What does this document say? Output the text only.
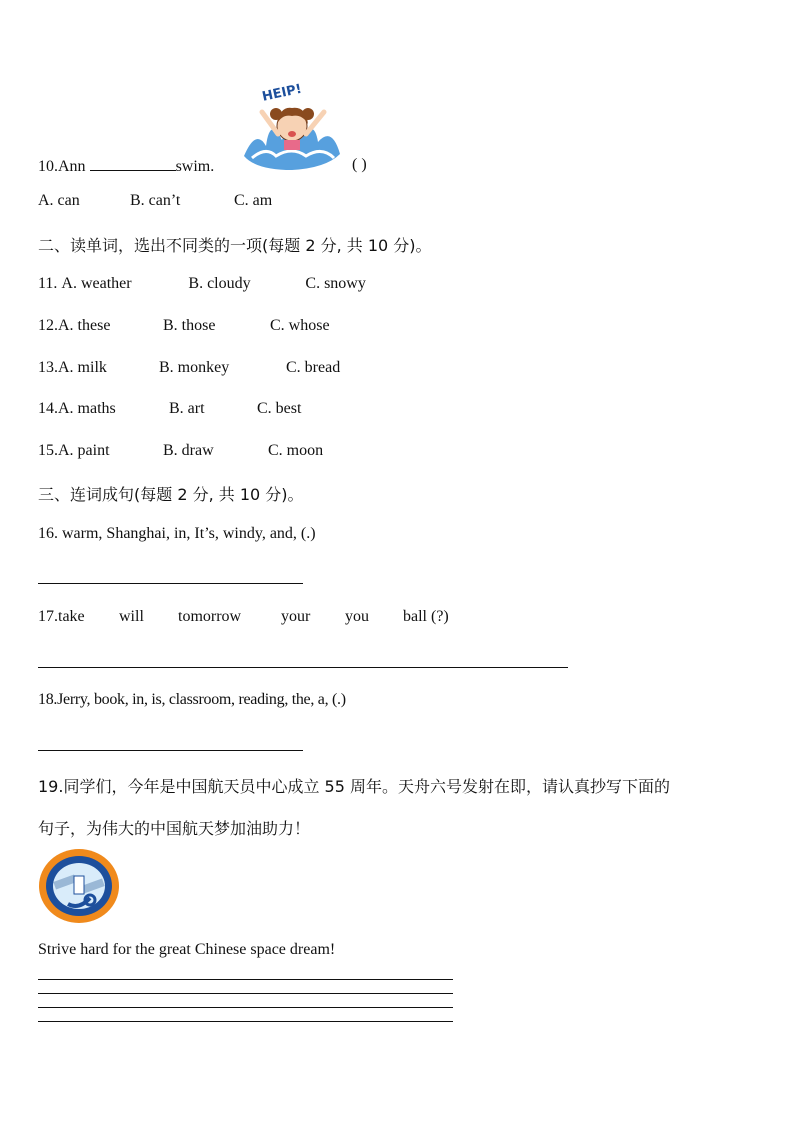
HEIP!
10.Ann	swim.	( )
A. can	B. can’t	C. am
二、读单词，选出不同类的一项(每题 2 分, 共 10 分)。
11. A. weather	B. cloudy	C. snowy
12.A. these	B. those	C. whose
13.A. milk	B. monkey	C. bread
14.A. maths	B. art	C. best
15.A. paint	B. draw	C. moon
三、连词成句(每题 2 分, 共 10 分)。
16. warm, Shanghai, in, It’s, windy, and, (.)
17.take will tomorrow your you ball (?)
18.Jerry, book, in, is, classroom, reading, the, a, (.)
19.同学们，今年是中国航天员中心成立 55 周年。天舟六号发射在即，请认真抄写下面的
句子，为伟大的中国航天梦加油助力！
Strive hard for the great Chinese space dream!
